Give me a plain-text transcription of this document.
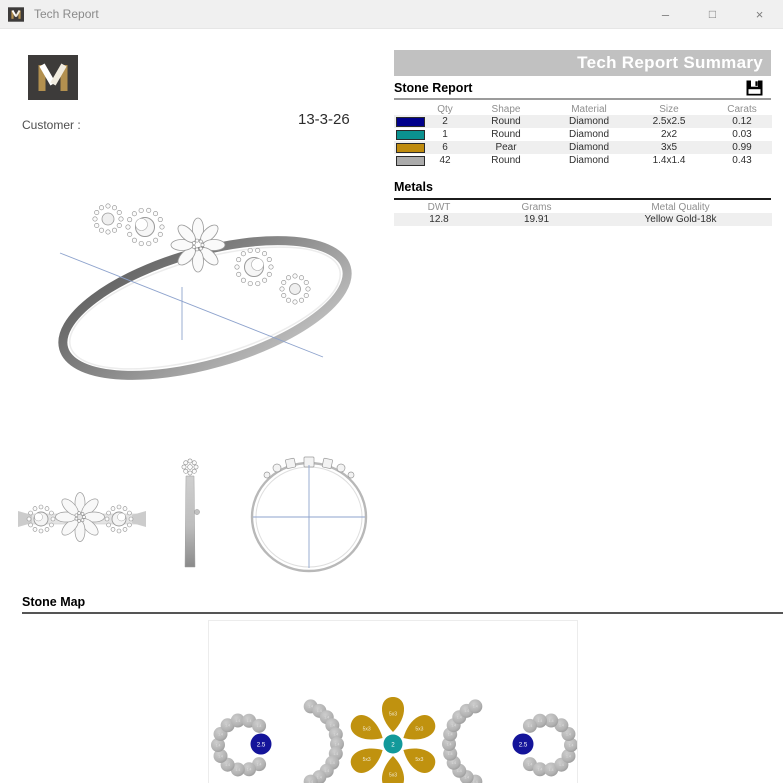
Tech Report	–	□	×
Customer :	13-3-26
Tech Report Summary
Stone Report
Qty	Shape	Material	Size	Carats
2	Round	Diamond	2.5x2.5	0.12
1	Round	Diamond	2x2	0.03
6	Pear	Diamond	3x5	0.99
42	Round	Diamond	1.4x1.4	0.43
Metals
DWT	Grams	Metal Quality
12.8	19.91	Yellow Gold-18k
Stone Map
1.4
1.4
1.4
1.4
1.4
1.4
1.4
1.4
1.4 1.4
1.4
2.5
1.4
1.4
1.4
1.4
1.4
1.4
1.4
1.4
1.4
1.4
1.4
5x3
5x3
5x3
5x3
5x3
5x3
2
1.4
1.4
1.4
1.4
1.4
1.4
1.4
1.4
1.4
1.4
1.4
1.4
1.4 1.4
1.4
1.4
1.4
1.4
1.4
1.4
1.4
1.4
2.5
